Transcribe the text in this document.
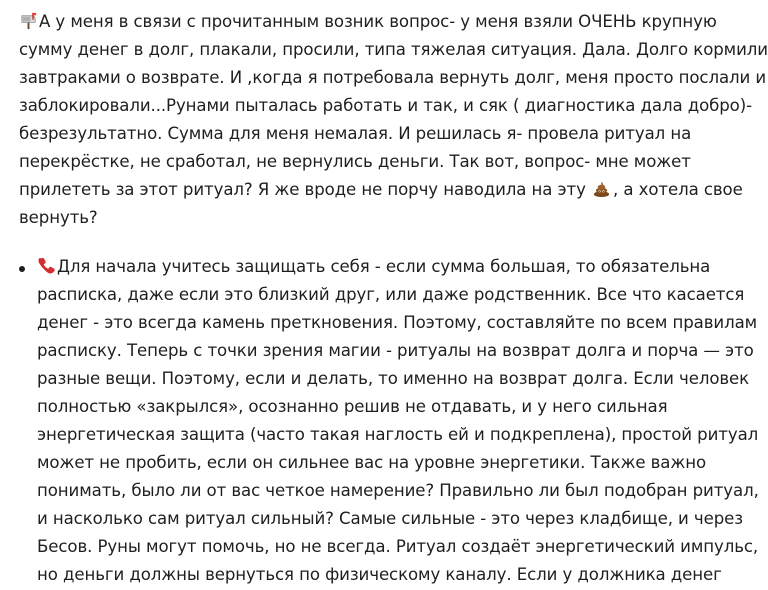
А у меня в связи с прочитанным возник вопрос- у меня взяли ОЧЕНЬ крупную
сумму денег в долг, плакали, просили, типа тяжелая ситуация. Дала. Долго кормили
завтраками о возврате. И ,когда я потребовала вернуть долг, меня просто послали и
заблокировали...Рунами пыталась работать и так, и сяк ( диагностика дала добро)-
безрезультатно. Сумма для меня немалая. И решилась я- провела ритуал на
перекрёстке, не сработал, не вернулись деньги. Так вот, вопрос- мне может
прилететь за этот ритуал? Я же вроде не порчу наводила на эту , а хотела свое
вернуть?

Для начала учитесь защищать себя - если сумма большая, то обязательна
расписка, даже если это близкий друг, или даже родственник. Все что касается
денег - это всегда камень преткновения. Поэтому, составляйте по всем правилам
расписку. Теперь с точки зрения магии - ритуалы на возврат долга и порча — это
разные вещи. Поэтому, если и делать, то именно на возврат долга. Если человек
полностью «закрылся», осознанно решив не отдавать, и у него сильная
энергетическая защита (часто такая наглость ей и подкреплена), простой ритуал
может не пробить, если он сильнее вас на уровне энергетики. Также важно
понимать, было ли от вас четкое намерение? Правильно ли был подобран ритуал,
и насколько сам ритуал сильный? Самые сильные - это через кладбище, и через
Бесов. Руны могут помочь, но не всегда. Ритуал создаёт энергетический импульс,
но деньги должны вернуться по физическому каналу. Если у должника денег
